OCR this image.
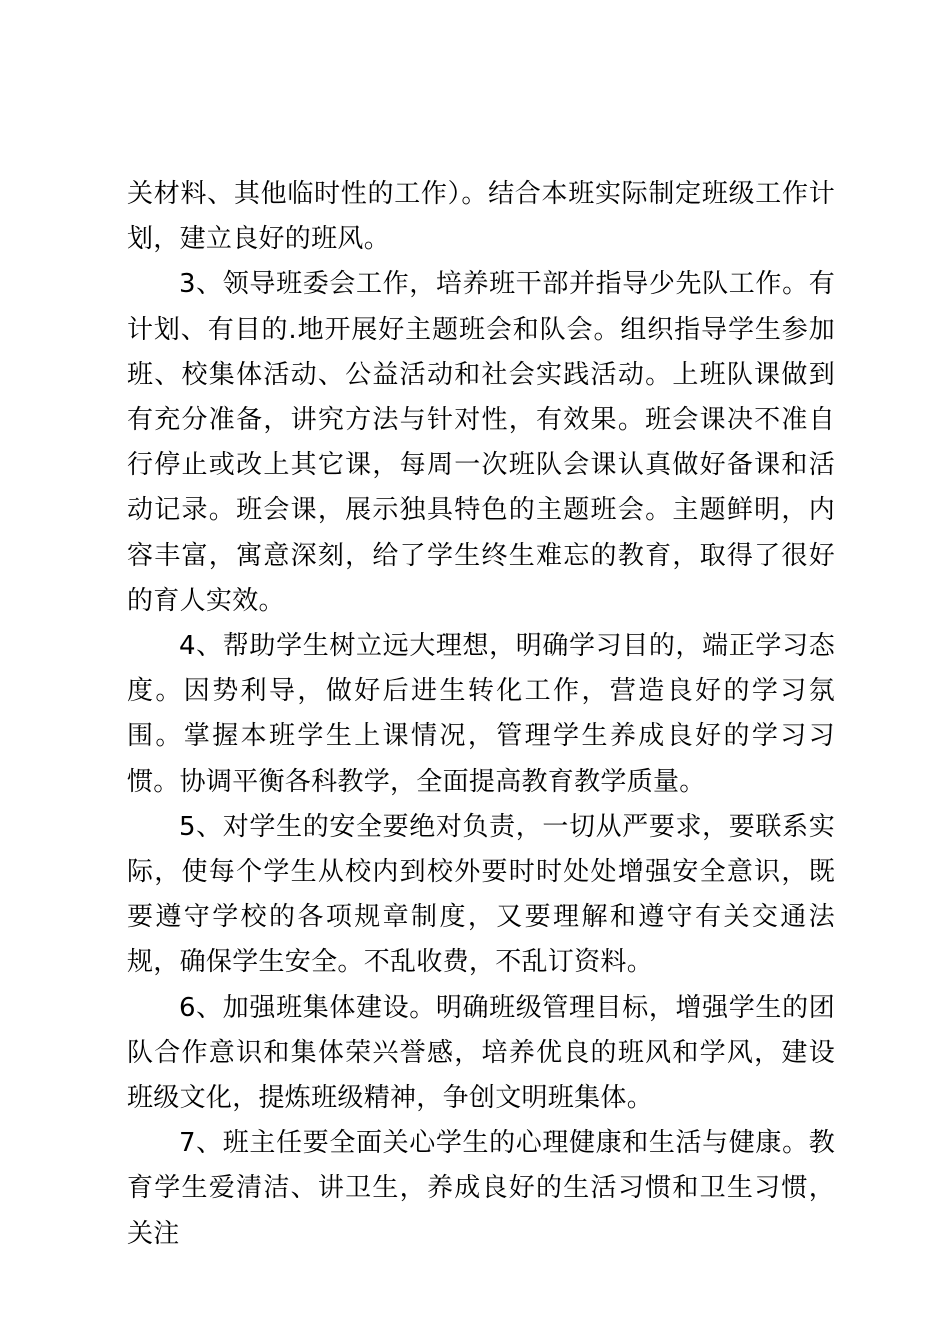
关材料、其他临时性的工作）。结合本班实际制定班级工作计划，建立良好的班风。

3、领导班委会工作，培养班干部并指导少先队工作。有计划、有目的.地开展好主题班会和队会。组织指导学生参加班、校集体活动、公益活动和社会实践活动。上班队课做到有充分准备，讲究方法与针对性，有效果。班会课决不准自行停止或改上其它课，每周一次班队会课认真做好备课和活动记录。班会课，展示独具特色的主题班会。主题鲜明，内容丰富，寓意深刻，给了学生终生难忘的教育，取得了很好的育人实效。

4、帮助学生树立远大理想，明确学习目的，端正学习态度。因势利导，做好后进生转化工作，营造良好的学习氛围。掌握本班学生上课情况，管理学生养成良好的学习习惯。协调平衡各科教学，全面提高教育教学质量。

5、对学生的安全要绝对负责，一切从严要求，要联系实际，使每个学生从校内到校外要时时处处增强安全意识，既要遵守学校的各项规章制度，又要理解和遵守有关交通法规，确保学生安全。不乱收费，不乱订资料。

6、加强班集体建设。明确班级管理目标，增强学生的团队合作意识和集体荣兴誉感，培养优良的班风和学风，建设班级文化，提炼班级精神，争创文明班集体。

7、班主任要全面关心学生的心理健康和生活与健康。教育学生爱清洁、讲卫生，养成良好的生活习惯和卫生习惯，关注
